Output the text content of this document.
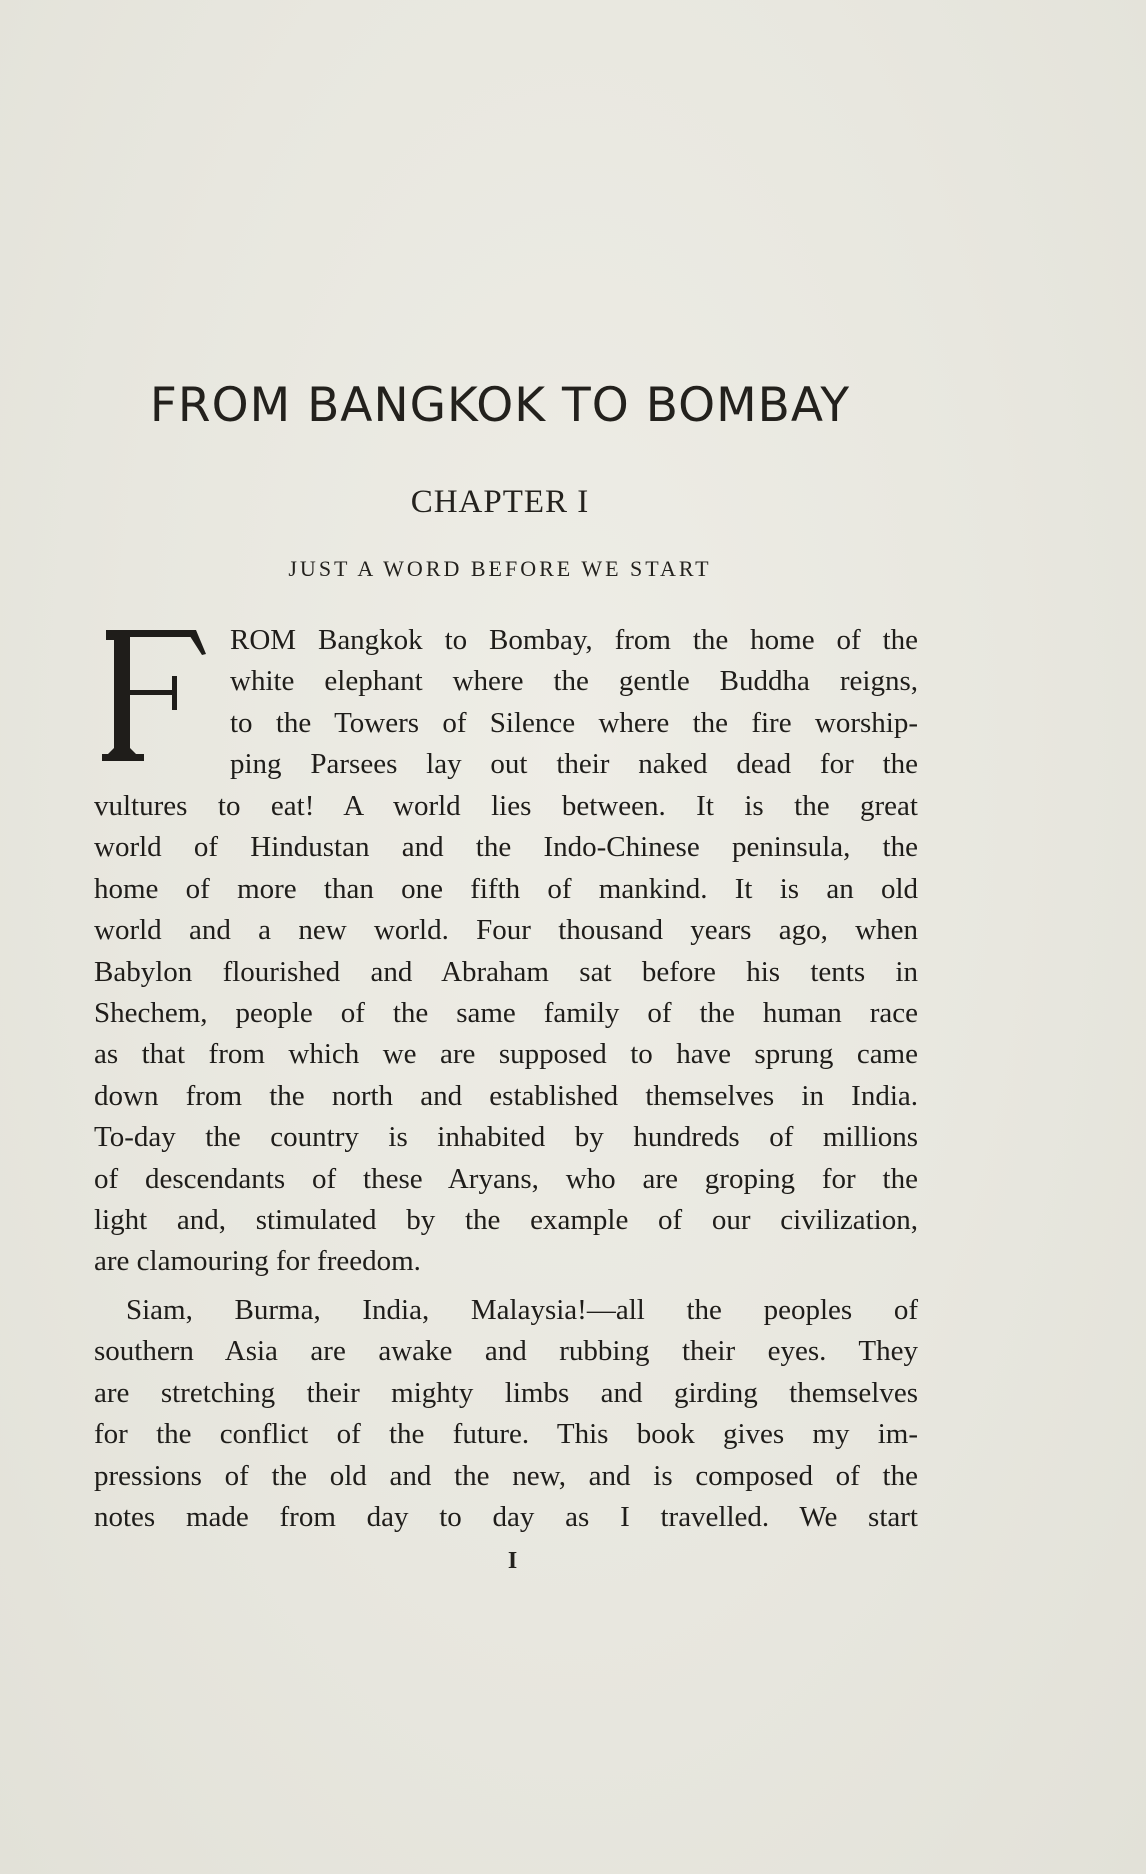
FROM BANGKOK TO BOMBAY
CHAPTER I
JUST A WORD BEFORE WE START
ROM Bangkok to Bombay, from the home of the
white elephant where the gentle Buddha reigns,
to the Towers of Silence where the fire worship-
ping Parsees lay out their naked dead for the
vultures to eat! A world lies between. It is the great
world of Hindustan and the Indo-Chinese peninsula, the
home of more than one fifth of mankind. It is an old
world and a new world. Four thousand years ago, when
Babylon flourished and Abraham sat before his tents in
Shechem, people of the same family of the human race
as that from which we are supposed to have sprung came
down from the north and established themselves in India.
To-day the country is inhabited by hundreds of millions
of descendants of these Aryans, who are groping for the
light and, stimulated by the example of our civilization,
are clamouring for freedom.
Siam, Burma, India, Malaysia!—all the peoples of
southern Asia are awake and rubbing their eyes. They
are stretching their mighty limbs and girding themselves
for the conflict of the future. This book gives my im-
pressions of the old and the new, and is composed of the
notes made from day to day as I travelled. We start
I
